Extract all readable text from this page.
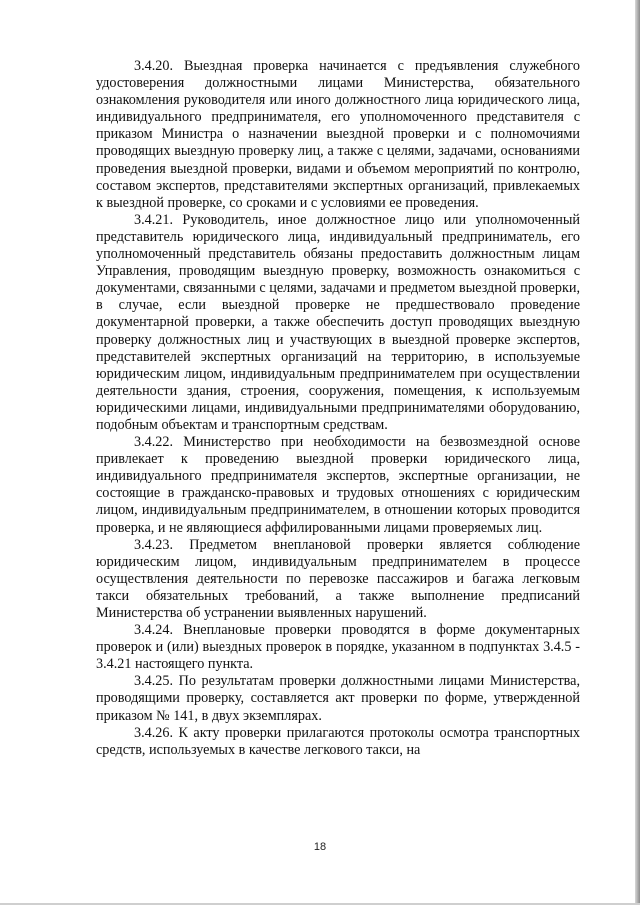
3.4.20. Выездная проверка начинается с предъявления служебного удостоверения должностными лицами Министерства, обязательного ознакомления руководителя или иного должностного лица юридического лица, индивидуального предпринимателя, его уполномоченного представителя с приказом Министра о назначении выездной проверки и с полномочиями проводящих выездную проверку лиц, а также с целями, задачами, основаниями проведения выездной проверки, видами и объемом мероприятий по контролю, составом экспертов, представителями экспертных организаций, привлекаемых к выездной проверке, со сроками и с условиями ее проведения.

3.4.21. Руководитель, иное должностное лицо или уполномоченный представитель юридического лица, индивидуальный предприниматель, его уполномоченный представитель обязаны предоставить должностным лицам Управления, проводящим выездную проверку, возможность ознакомиться с документами, связанными с целями, задачами и предметом выездной проверки, в случае, если выездной проверке не предшествовало проведение документарной проверки, а также обеспечить доступ проводящих выездную проверку должностных лиц и участвующих в выездной проверке экспертов, представителей экспертных организаций на территорию, в используемые юридическим лицом, индивидуальным предпринимателем при осуществлении деятельности здания, строения, сооружения, помещения, к используемым юридическими лицами, индивидуальными предпринимателями оборудованию, подобным объектам и транспортным средствам.

3.4.22. Министерство при необходимости на безвозмездной основе привлекает к проведению выездной проверки юридического лица, индивидуального предпринимателя экспертов, экспертные организации, не состоящие в гражданско-правовых и трудовых отношениях с юридическим лицом, индивидуальным предпринимателем, в отношении которых проводится проверка, и не являющиеся аффилированными лицами проверяемых лиц.

3.4.23. Предметом внеплановой проверки является соблюдение юридическим лицом, индивидуальным предпринимателем в процессе осуществления деятельности по перевозке пассажиров и багажа легковым такси обязательных требований, а также выполнение предписаний Министерства об устранении выявленных нарушений.

3.4.24. Внеплановые проверки проводятся в форме документарных проверок и (или) выездных проверок в порядке, указанном в подпунктах 3.4.5 - 3.4.21 настоящего пункта.

3.4.25. По результатам проверки должностными лицами Министерства, проводящими проверку, составляется акт проверки по форме, утвержденной приказом № 141, в двух экземплярах.

3.4.26. К акту проверки прилагаются протоколы осмотра транспортных средств, используемых в качестве легкового такси, на

18
